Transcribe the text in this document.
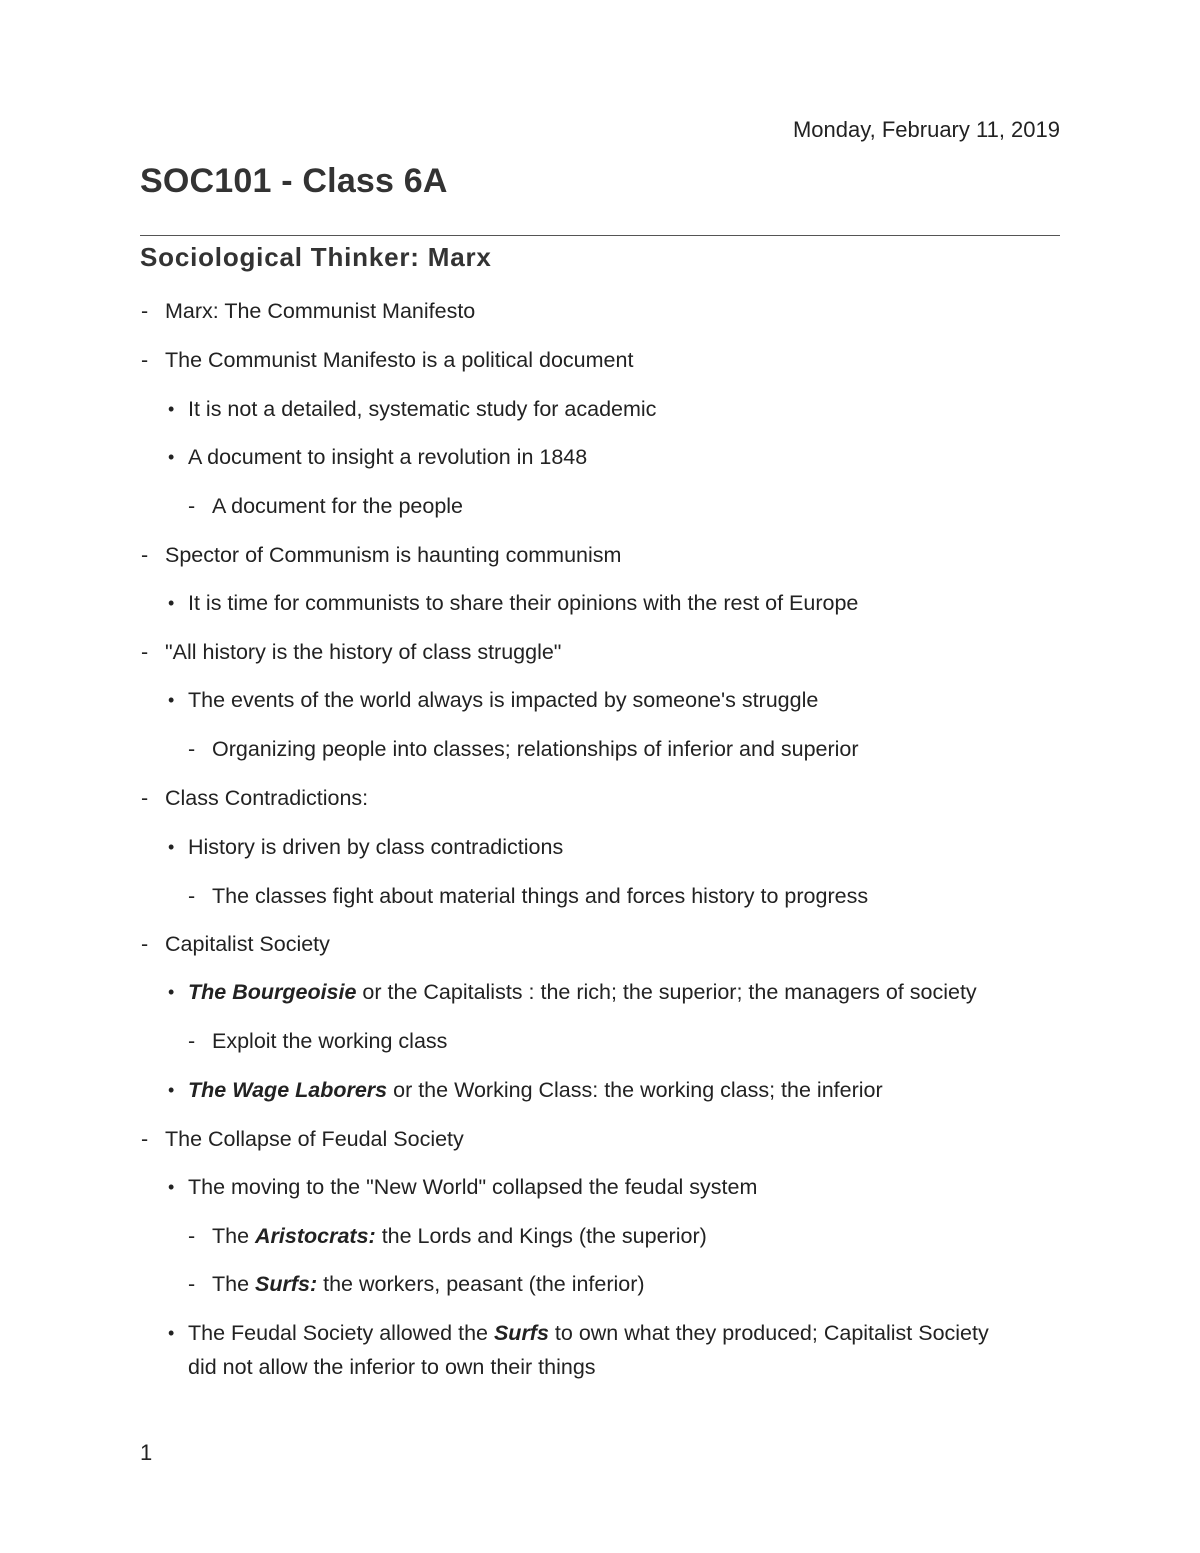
Monday, February 11, 2019
SOC101 - Class 6A
Sociological Thinker: Marx
- Marx: The Communist Manifesto
- The Communist Manifesto is a political document
• It is not a detailed, systematic study for academic
• A document to insight a revolution in 1848
- A document for the people
- Spector of Communism is haunting communism
• It is time for communists to share their opinions with the rest of Europe
- "All history is the history of class struggle"
• The events of the world always is impacted by someone's struggle
- Organizing people into classes; relationships of inferior and superior
- Class Contradictions:
• History is driven by class contradictions
- The classes fight about material things and forces history to progress
- Capitalist Society
• The Bourgeoisie or the Capitalists : the rich; the superior; the managers of society
- Exploit the working class
• The Wage Laborers or the Working Class: the working class; the inferior
- The Collapse of Feudal Society
• The moving to the "New World" collapsed the feudal system
- The Aristocrats: the Lords and Kings (the superior)
- The Surfs: the workers, peasant (the inferior)
• The Feudal Society allowed the Surfs to own what they produced; Capitalist Society did not allow the inferior to own their things
1
